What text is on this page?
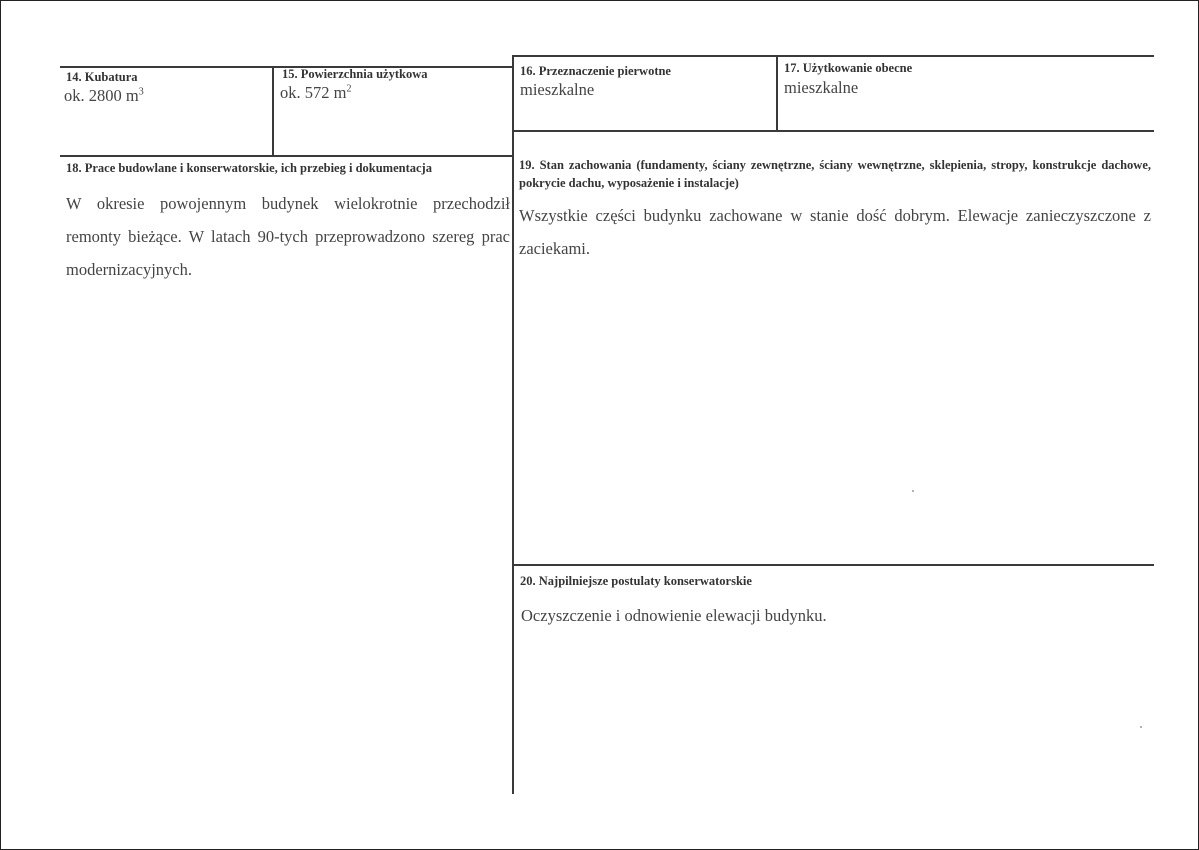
14. Kubatura
ok. 2800 $m^3$
15. Powierzchnia użytkowa
ok. 572 $m^2$
16. Przeznaczenie pierwotne
mieszkalne
17. Użytkowanie obecne
mieszkalne
18. Prace budowlane i konserwatorskie, ich przebieg i dokumentacja
W okresie powojennym budynek wielokrotnie przechodził remonty bieżące. W latach 90-tych przeprowadzono szereg prac modernizacyjnych.
19. Stan zachowania (fundamenty, ściany zewnętrzne, ściany wewnętrzne, sklepienia, stropy, konstrukcje dachowe, pokrycie dachu, wyposażenie i instalacje)
Wszystkie części budynku zachowane w stanie dość dobrym. Elewacje zanieczyszczone z zaciekami.
20. Najpilniejsze postulaty konserwatorskie
Oczyszczenie i odnowienie elewacji budynku.
